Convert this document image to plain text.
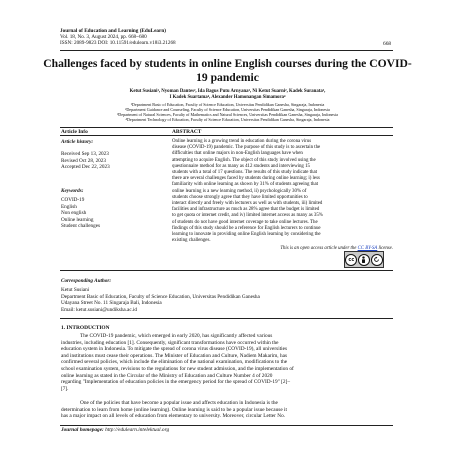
Journal of Education and Learning (EduLearn)
Vol. 18, No. 3, August 2024, pp. 668~680
ISSN: 2089-9823 DOI: 10.11591/edulearn.v18i3.21268	668
Challenges faced by students in online English courses during the COVID-19 pandemic
Ketut Susiani¹, Nyoman Dantes², Ida Bagus Putu Arnyana³, Ni Ketut Suarni², Kadek Suranata²,
I Kadek Suartama⁴, Alexander Hamonangan Simamora⁴
¹Department Basic of Education, Faculty of Science Education, Universitas Pendidikan Ganesha, Singaraja, Indonesia
²Department Guidance and Counseling, Faculty of Science Education, Universitas Pendidikan Ganesha, Singaraja, Indonesia
³Department of Natural Sciences, Faculty of Mathematics and Natural Sciences, Universitas Pendidikan Ganesha, Singaraja, Indonesia
⁴Department Technology of Education, Faculty of Science Education, Universitas Pendidikan Ganesha, Singaraja, Indonesia
Article Info
Article history:
Received Sep 13, 2023
Revised Oct 28, 2023
Accepted Dec 22, 2023
Keywords:
COVID-19
English
Non english
Online learning
Student challenges
ABSTRACT
Online learning is a growing trend in education during the corona virus
disease (COVID-19) pandemic. The purpose of this study is to ascertain the
difficulties that online majors in non-English languages have when
attempting to acquire English. The object of this study involved using the
questionnaire method for as many as 412 students and interviewing 15
students with a total of 17 questions. The results of this study indicate that
there are several challenges faced by students during online learning; i) less
familiarity with online learning as shown by 31% of students agreeing that
online learning is a new learning method, ii) psychologically 30% of
students choose strongly agree that they have limited opportunities to
interact directly and freely with lecturers as well as with students, iii) limited
facilities and infrastructure as much as 28% agree that the budget is limited
to get quota or internet credit, and iv) limited internet access as many as 35%
of students do not have good internet coverage to take online lectures. The
findings of this study should be a reference for English lecturers to continue
learning to innovate in providing online English learning by considering the
existing challenges.
This is an open access article under the CC BY-SA license.
cc
Corresponding Author:
Ketut Susiani
Department Basic of Education, Faculty of Science Education, Universitas Pendidikan Ganesha
Udayana Street No. 11 Singaraja Bali, Indonesia
Email: ketut.susiani@undiksha.ac.id
1. INTRODUCTION
The COVID-19 pandemic, which emerged in early 2020, has significantly affected various
industries, including education [1]. Consequently, significant transformations have occurred within the
education system in Indonesia. To mitigate the spread of corona virus disease (COVID-19), all universities
and institutions must cease their operations. The Minister of Education and Culture, Nadiem Makarim, has
confirmed several policies, which include the elimination of the national examination, modifications to the
school examination system, revisions to the regulations for new student admission, and the implementation of
online learning as stated in the Circular of the Ministry of Education and Culture Number 4 of 2020
regarding "Implementation of education policies in the emergency period for the spread of COVID-19" [2]–
[7].
One of the policies that have become a popular issue and affects education in Indonesia is the
determination to learn from home (online learning). Online learning is said to be a popular issue because it
has a major impact on all levels of education from elementary to university. Moreover, circular Letter No.
Journal homepage: http://edulearn.intelektual.org
